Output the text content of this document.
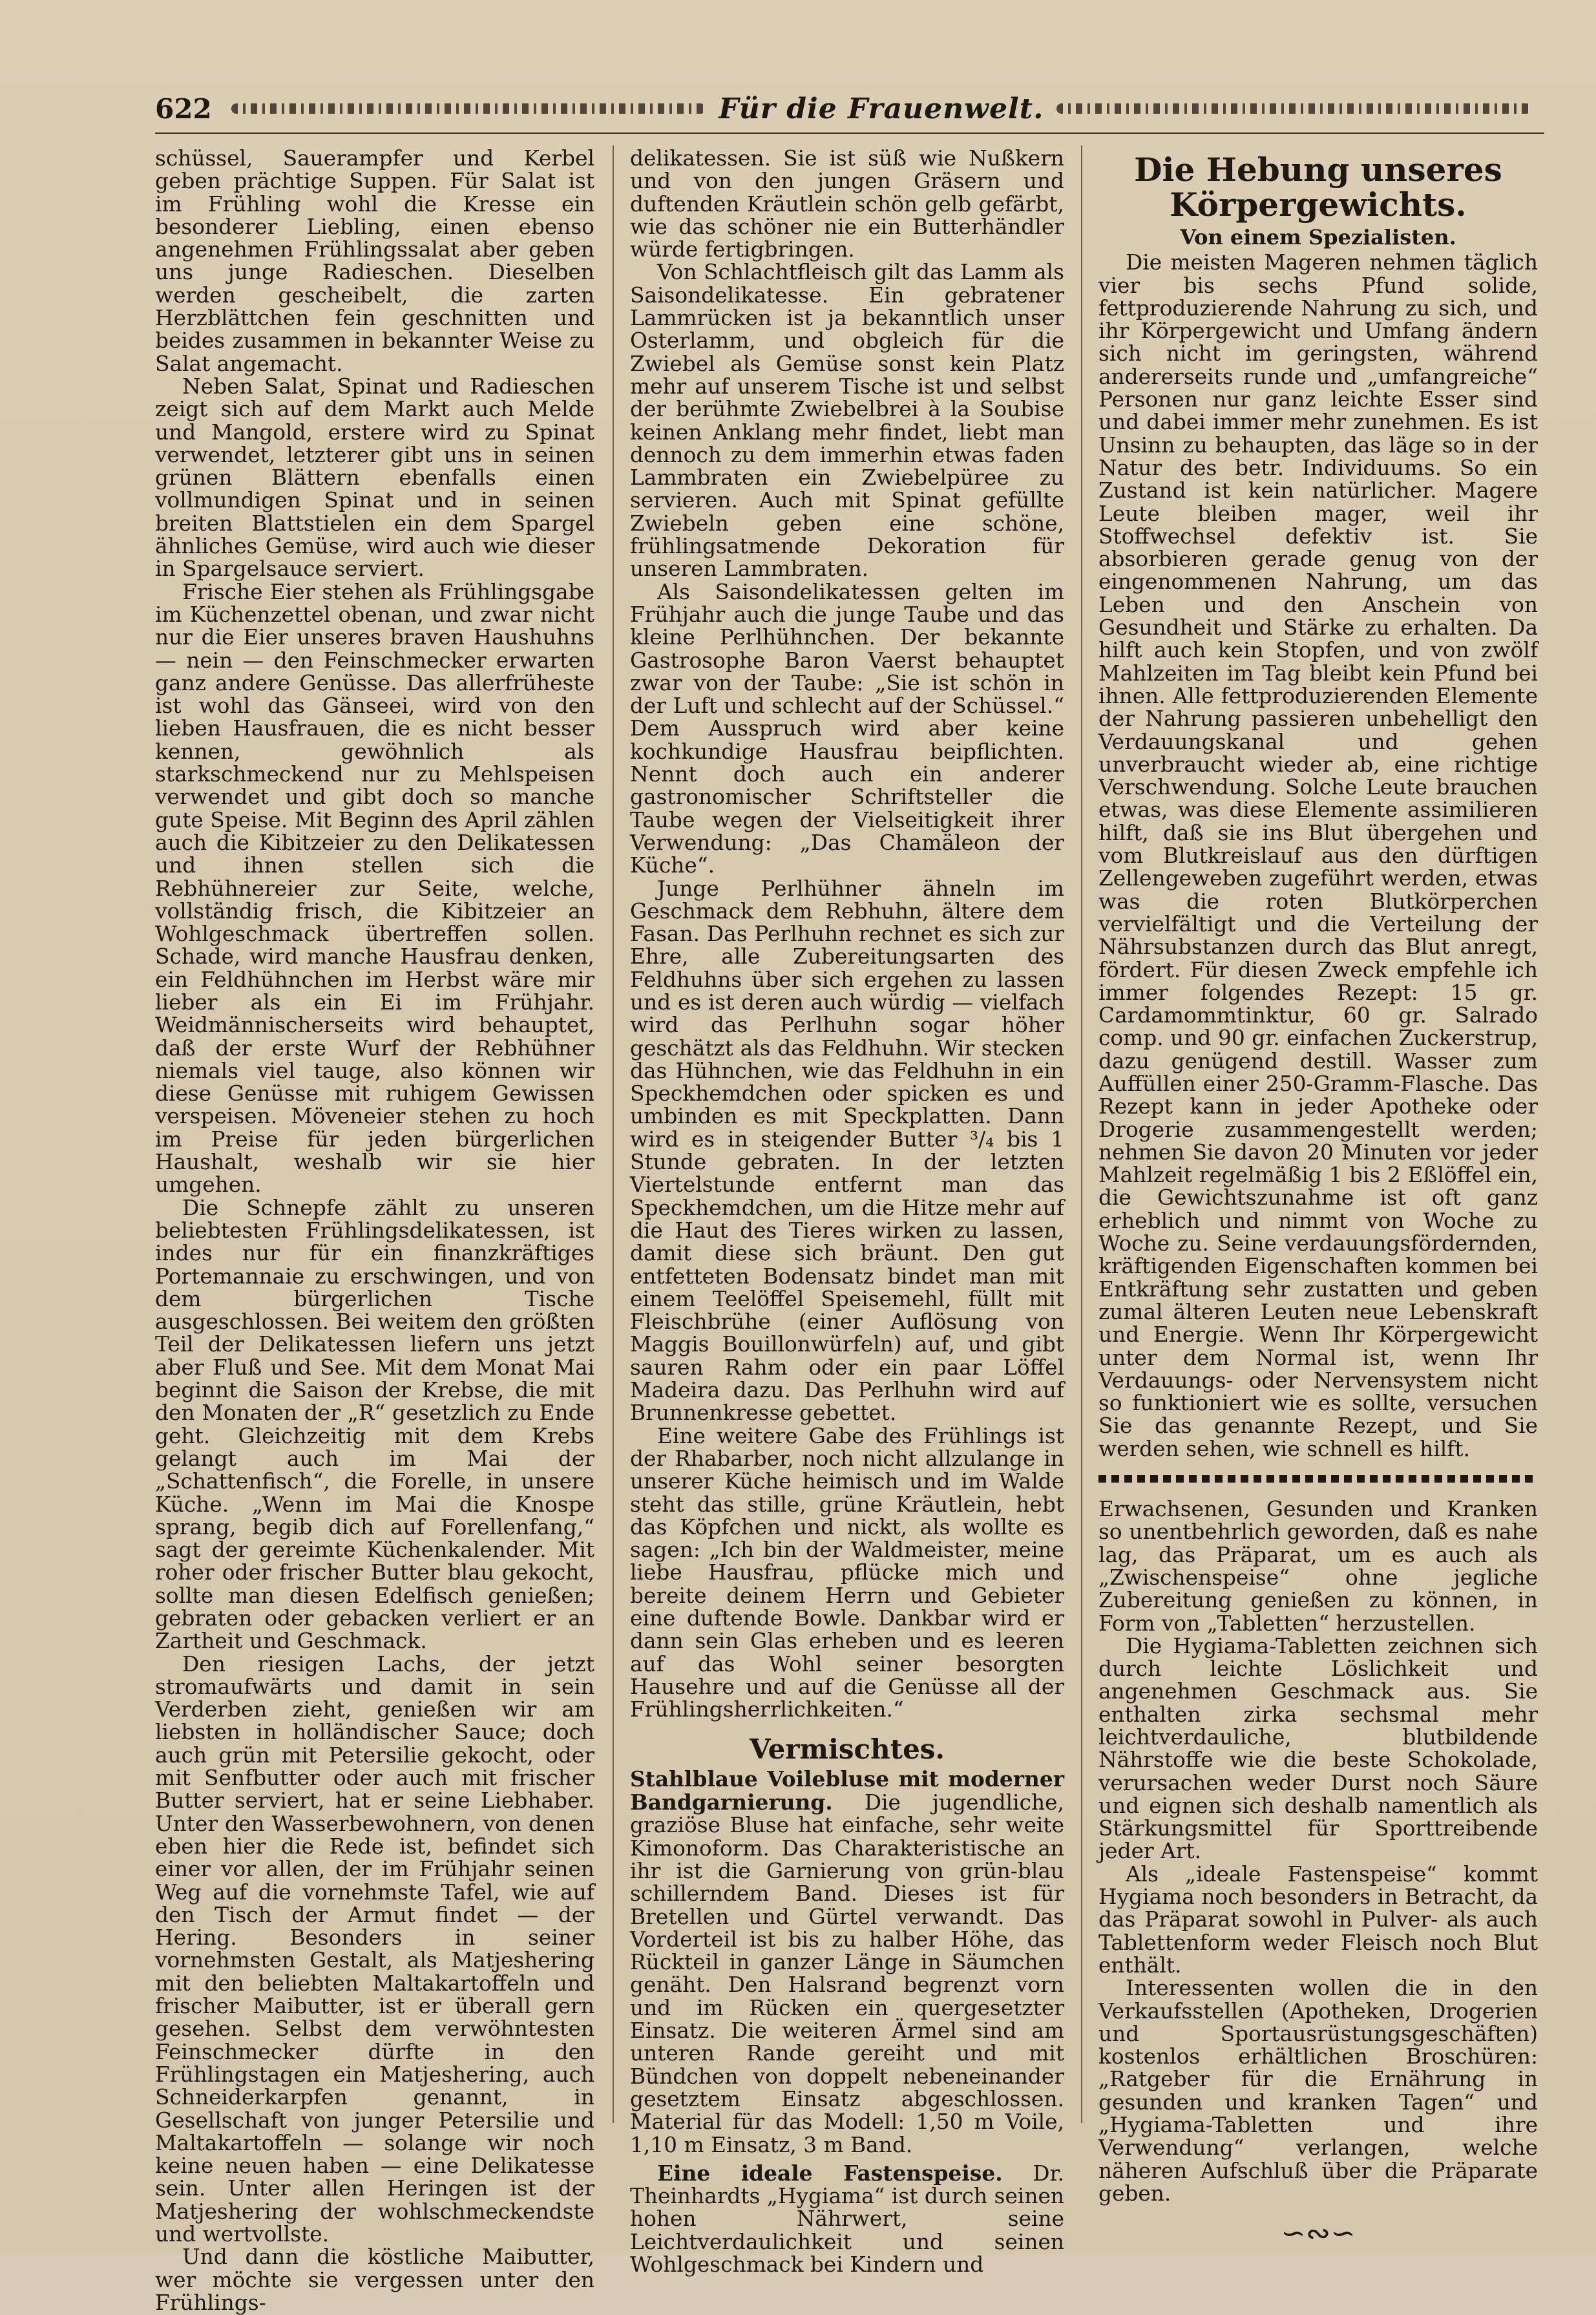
622	Für die Frauenwelt.

schüssel, Sauerampfer und Kerbel geben prächtige Suppen. Für Salat ist im Frühling wohl die Kresse ein besonderer Liebling, einen ebenso angenehmen Frühlingssalat aber geben uns junge Radieschen. Dieselben werden gescheibelt, die zarten Herzblättchen fein geschnitten und beides zusammen in bekannter Weise zu Salat angemacht.

Neben Salat, Spinat und Radieschen zeigt sich auf dem Markt auch Melde und Mangold, erstere wird zu Spinat verwendet, letzterer gibt uns in seinen grünen Blättern ebenfalls einen vollmundigen Spinat und in seinen breiten Blattstielen ein dem Spargel ähnliches Gemüse, wird auch wie dieser in Spargelsauce serviert.

Frische Eier stehen als Frühlingsgabe im Küchenzettel obenan, und zwar nicht nur die Eier unseres braven Haushuhns — nein — den Feinschmecker erwarten ganz andere Genüsse. Das allerfrüheste ist wohl das Gänseei, wird von den lieben Hausfrauen, die es nicht besser kennen, gewöhnlich als starkschmeckend nur zu Mehlspeisen verwendet und gibt doch so manche gute Speise. Mit Beginn des April zählen auch die Kibitzeier zu den Delikatessen und ihnen stellen sich die Rebhühnereier zur Seite, welche, vollständig frisch, die Kibitzeier an Wohlgeschmack übertreffen sollen. Schade, wird manche Hausfrau denken, ein Feldhühnchen im Herbst wäre mir lieber als ein Ei im Frühjahr. Weidmännischerseits wird behauptet, daß der erste Wurf der Rebhühner niemals viel tauge, also können wir diese Genüsse mit ruhigem Gewissen verspeisen. Möveneier stehen zu hoch im Preise für jeden bürgerlichen Haushalt, weshalb wir sie hier umgehen.

Die Schnepfe zählt zu unseren beliebtesten Frühlingsdelikatessen, ist indes nur für ein finanzkräftiges Portemannaie zu erschwingen, und von dem bürgerlichen Tische ausgeschlossen. Bei weitem den größten Teil der Delikatessen liefern uns jetzt aber Fluß und See. Mit dem Monat Mai beginnt die Saison der Krebse, die mit den Monaten der „R“ gesetzlich zu Ende geht. Gleichzeitig mit dem Krebs gelangt auch im Mai der „Schattenfisch“, die Forelle, in unsere Küche. „Wenn im Mai die Knospe sprang, begib dich auf Forellenfang,“ sagt der gereimte Küchenkalender. Mit roher oder frischer Butter blau gekocht, sollte man diesen Edelfisch genießen; gebraten oder gebacken verliert er an Zartheit und Geschmack.

Den riesigen Lachs, der jetzt stromaufwärts und damit in sein Verderben zieht, genießen wir am liebsten in holländischer Sauce; doch auch grün mit Petersilie gekocht, oder mit Senfbutter oder auch mit frischer Butter serviert, hat er seine Liebhaber. Unter den Wasserbewohnern, von denen eben hier die Rede ist, befindet sich einer vor allen, der im Frühjahr seinen Weg auf die vornehmste Tafel, wie auf den Tisch der Armut findet — der Hering. Besonders in seiner vornehmsten Gestalt, als Matjeshering mit den beliebten Maltakartoffeln und frischer Maibutter, ist er überall gern gesehen. Selbst dem verwöhntesten Feinschmecker dürfte in den Frühlingstagen ein Matjeshering, auch Schneiderkarpfen genannt, in Gesellschaft von junger Petersilie und Maltakartoffeln — solange wir noch keine neuen haben — eine Delikatesse sein. Unter allen Heringen ist der Matjeshering der wohlschmeckendste und wertvollste.

Und dann die köstliche Maibutter, wer möchte sie vergessen unter den Frühlings-

delikatessen. Sie ist süß wie Nußkern und von den jungen Gräsern und duftenden Kräutlein schön gelb gefärbt, wie das schöner nie ein Butterhändler würde fertigbringen.

Von Schlachtfleisch gilt das Lamm als Saisondelikatesse. Ein gebratener Lammrücken ist ja bekanntlich unser Osterlamm, und obgleich für die Zwiebel als Gemüse sonst kein Platz mehr auf unserem Tische ist und selbst der berühmte Zwiebelbrei à la Soubise keinen Anklang mehr findet, liebt man dennoch zu dem immerhin etwas faden Lammbraten ein Zwiebelpüree zu servieren. Auch mit Spinat gefüllte Zwiebeln geben eine schöne, frühlingsatmende Dekoration für unseren Lammbraten.

Als Saisondelikatessen gelten im Frühjahr auch die junge Taube und das kleine Perlhühnchen. Der bekannte Gastrosophe Baron Vaerst behauptet zwar von der Taube: „Sie ist schön in der Luft und schlecht auf der Schüssel.“ Dem Ausspruch wird aber keine kochkundige Hausfrau beipflichten. Nennt doch auch ein anderer gastronomischer Schriftsteller die Taube wegen der Vielseitigkeit ihrer Verwendung: „Das Chamäleon der Küche“.

Junge Perlhühner ähneln im Geschmack dem Rebhuhn, ältere dem Fasan. Das Perlhuhn rechnet es sich zur Ehre, alle Zubereitungsarten des Feldhuhns über sich ergehen zu lassen und es ist deren auch würdig — vielfach wird das Perlhuhn sogar höher geschätzt als das Feldhuhn. Wir stecken das Hühnchen, wie das Feldhuhn in ein Speckhemdchen oder spicken es und umbinden es mit Speckplatten. Dann wird es in steigender Butter ³/₄ bis 1 Stunde gebraten. In der letzten Viertelstunde entfernt man das Speckhemdchen, um die Hitze mehr auf die Haut des Tieres wirken zu lassen, damit diese sich bräunt. Den gut entfetteten Bodensatz bindet man mit einem Teelöffel Speisemehl, füllt mit Fleischbrühe (einer Auflösung von Maggis Bouillonwürfeln) auf, und gibt sauren Rahm oder ein paar Löffel Madeira dazu. Das Perlhuhn wird auf Brunnenkresse gebettet.

Eine weitere Gabe des Frühlings ist der Rhabarber, noch nicht allzulange in unserer Küche heimisch und im Walde steht das stille, grüne Kräutlein, hebt das Köpfchen und nickt, als wollte es sagen: „Ich bin der Waldmeister, meine liebe Hausfrau, pflücke mich und bereite deinem Herrn und Gebieter eine duftende Bowle. Dankbar wird er dann sein Glas erheben und es leeren auf das Wohl seiner besorgten Hausehre und auf die Genüsse all der Frühlingsherrlichkeiten.“

Vermischtes.

Stahlblaue Voilebluse mit moderner Bandgarnierung. Die jugendliche, graziöse Bluse hat einfache, sehr weite Kimonoform. Das Charakteristische an ihr ist die Garnierung von grün-blau schillerndem Band. Dieses ist für Bretellen und Gürtel verwandt. Das Vorderteil ist bis zu halber Höhe, das Rückteil in ganzer Länge in Säumchen genäht. Den Halsrand begrenzt vorn und im Rücken ein quergesetzter Einsatz. Die weiteren Ärmel sind am unteren Rande gereiht und mit Bündchen von doppelt nebeneinander gesetztem Einsatz abgeschlossen. Material für das Modell: 1,50 m Voile, 1,10 m Einsatz, 3 m Band.

Eine ideale Fastenspeise. Dr. Theinhardts „Hygiama“ ist durch seinen hohen Nährwert, seine Leichtverdaulichkeit und seinen Wohlgeschmack bei Kindern und

Die Hebung unseres Körpergewichts.
Von einem Spezialisten.

Die meisten Mageren nehmen täglich vier bis sechs Pfund solide, fettproduzierende Nahrung zu sich, und ihr Körpergewicht und Umfang ändern sich nicht im geringsten, während andererseits runde und „umfangreiche“ Personen nur ganz leichte Esser sind und dabei immer mehr zunehmen. Es ist Unsinn zu behaupten, das läge so in der Natur des betr. Individuums. So ein Zustand ist kein natürlicher. Magere Leute bleiben mager, weil ihr Stoffwechsel defektiv ist. Sie absorbieren gerade genug von der eingenommenen Nahrung, um das Leben und den Anschein von Gesundheit und Stärke zu erhalten. Da hilft auch kein Stopfen, und von zwölf Mahlzeiten im Tag bleibt kein Pfund bei ihnen. Alle fettproduzierenden Elemente der Nahrung passieren unbehelligt den Verdauungskanal und gehen unverbraucht wieder ab, eine richtige Verschwendung. Solche Leute brauchen etwas, was diese Elemente assimilieren hilft, daß sie ins Blut übergehen und vom Blutkreislauf aus den dürftigen Zellengeweben zugeführt werden, etwas was die roten Blutkörperchen vervielfältigt und die Verteilung der Nährsubstanzen durch das Blut anregt, fördert. Für diesen Zweck empfehle ich immer folgendes Rezept: 15 gr. Cardamommtinktur, 60 gr. Salrado comp. und 90 gr. einfachen Zuckerstrup, dazu genügend destill. Wasser zum Auffüllen einer 250-Gramm-Flasche. Das Rezept kann in jeder Apotheke oder Drogerie zusammengestellt werden; nehmen Sie davon 20 Minuten vor jeder Mahlzeit regelmäßig 1 bis 2 Eßlöffel ein, die Gewichtszunahme ist oft ganz erheblich und nimmt von Woche zu Woche zu. Seine verdauungsfördernden, kräftigenden Eigenschaften kommen bei Entkräftung sehr zustatten und geben zumal älteren Leuten neue Lebenskraft und Energie. Wenn Ihr Körpergewicht unter dem Normal ist, wenn Ihr Verdauungs- oder Nervensystem nicht so funktioniert wie es sollte, versuchen Sie das genannte Rezept, und Sie werden sehen, wie schnell es hilft.

Erwachsenen, Gesunden und Kranken so unentbehrlich geworden, daß es nahe lag, das Präparat, um es auch als „Zwischenspeise“ ohne jegliche Zubereitung genießen zu können, in Form von „Tabletten“ herzustellen.

Die Hygiama-Tabletten zeichnen sich durch leichte Löslichkeit und angenehmen Geschmack aus. Sie enthalten zirka sechsmal mehr leichtverdauliche, blutbildende Nährstoffe wie die beste Schokolade, verursachen weder Durst noch Säure und eignen sich deshalb namentlich als Stärkungsmittel für Sporttreibende jeder Art.

Als „ideale Fastenspeise“ kommt Hygiama noch besonders in Betracht, da das Präparat sowohl in Pulver- als auch Tablettenform weder Fleisch noch Blut enthält.

Interessenten wollen die in den Verkaufsstellen (Apotheken, Drogerien und Sportausrüstungsgeschäften) kostenlos erhältlichen Broschüren: „Ratgeber für die Ernährung in gesunden und kranken Tagen“ und „Hygiama-Tabletten und ihre Verwendung“ verlangen, welche näheren Aufschluß über die Präparate geben.

∽∾∽
